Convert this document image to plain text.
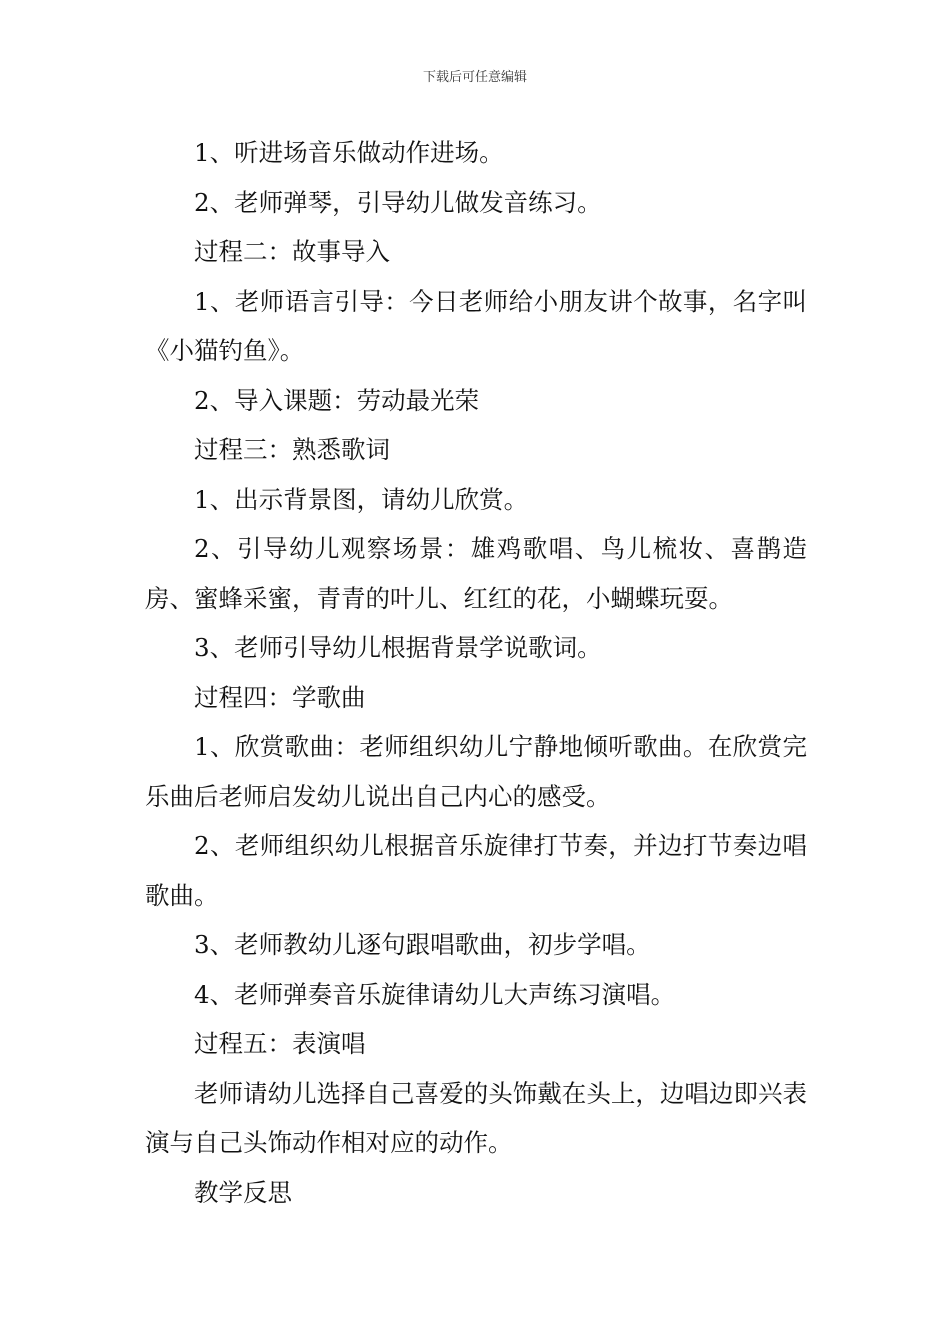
下载后可任意编辑

1、听进场音乐做动作进场。

2、老师弹琴，引导幼儿做发音练习。

过程二：故事导入

1、老师语言引导：今日老师给小朋友讲个故事，名字叫《小猫钓鱼》。

2、导入课题：劳动最光荣

过程三：熟悉歌词

1、出示背景图，请幼儿欣赏。

2、引导幼儿观察场景：雄鸡歌唱、鸟儿梳妆、喜鹊造房、蜜蜂采蜜，青青的叶儿、红红的花，小蝴蝶玩耍。

3、老师引导幼儿根据背景学说歌词。

过程四：学歌曲

1、欣赏歌曲：老师组织幼儿宁静地倾听歌曲。在欣赏完乐曲后老师启发幼儿说出自己内心的感受。

2、老师组织幼儿根据音乐旋律打节奏，并边打节奏边唱歌曲。

3、老师教幼儿逐句跟唱歌曲，初步学唱。

4、老师弹奏音乐旋律请幼儿大声练习演唱。

过程五：表演唱

老师请幼儿选择自己喜爱的头饰戴在头上，边唱边即兴表演与自己头饰动作相对应的动作。

教学反思
